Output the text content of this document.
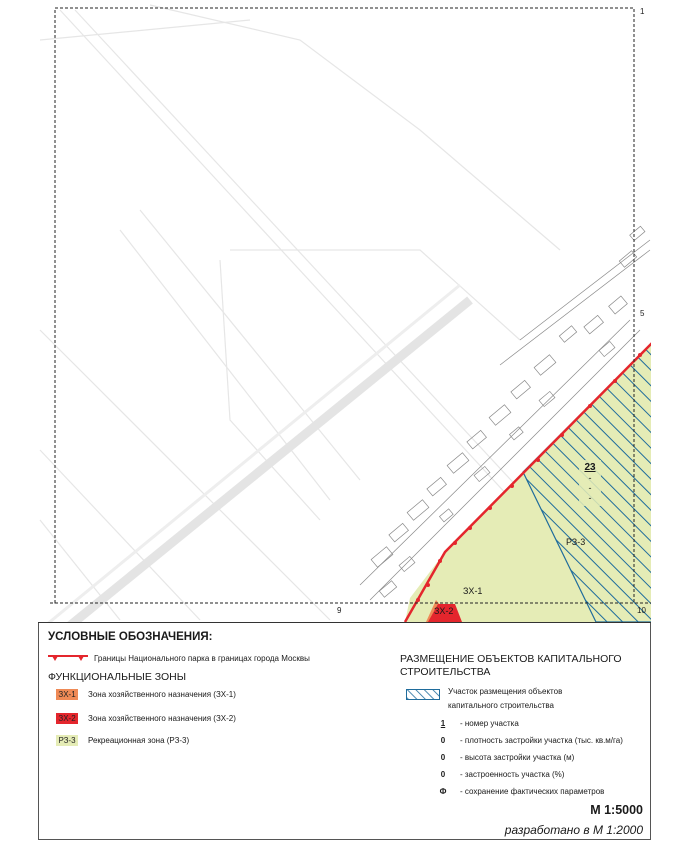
РЗ-3
ЗХ-1
ЗХ-2
23
-
-
-
1
5
9	10
УСЛОВНЫЕ ОБОЗНАЧЕНИЯ:
Границы Национального парка в границах города Москвы
ФУНКЦИОНАЛЬНЫЕ ЗОНЫ
ЗХ-1 Зона хозяйственного назначения (ЗХ-1)
ЗХ-2 Зона хозяйственного назначения (ЗХ-2)
РЗ-3	Рекреационная зона (РЗ-3)
РАЗМЕЩЕНИЕ ОБЪЕКТОВ КАПИТАЛЬНОГО
СТРОИТЕЛЬСТВА
Участок размещения объектов
капитального строительства
1	- номер участка
0	- плотность застройки участка (тыс. кв.м/га)
0	- высота застройки участка (м)
0	- застроенность участка (%)
Ф	- сохранение фактических параметров
М 1:5000
разработано в М 1:2000
